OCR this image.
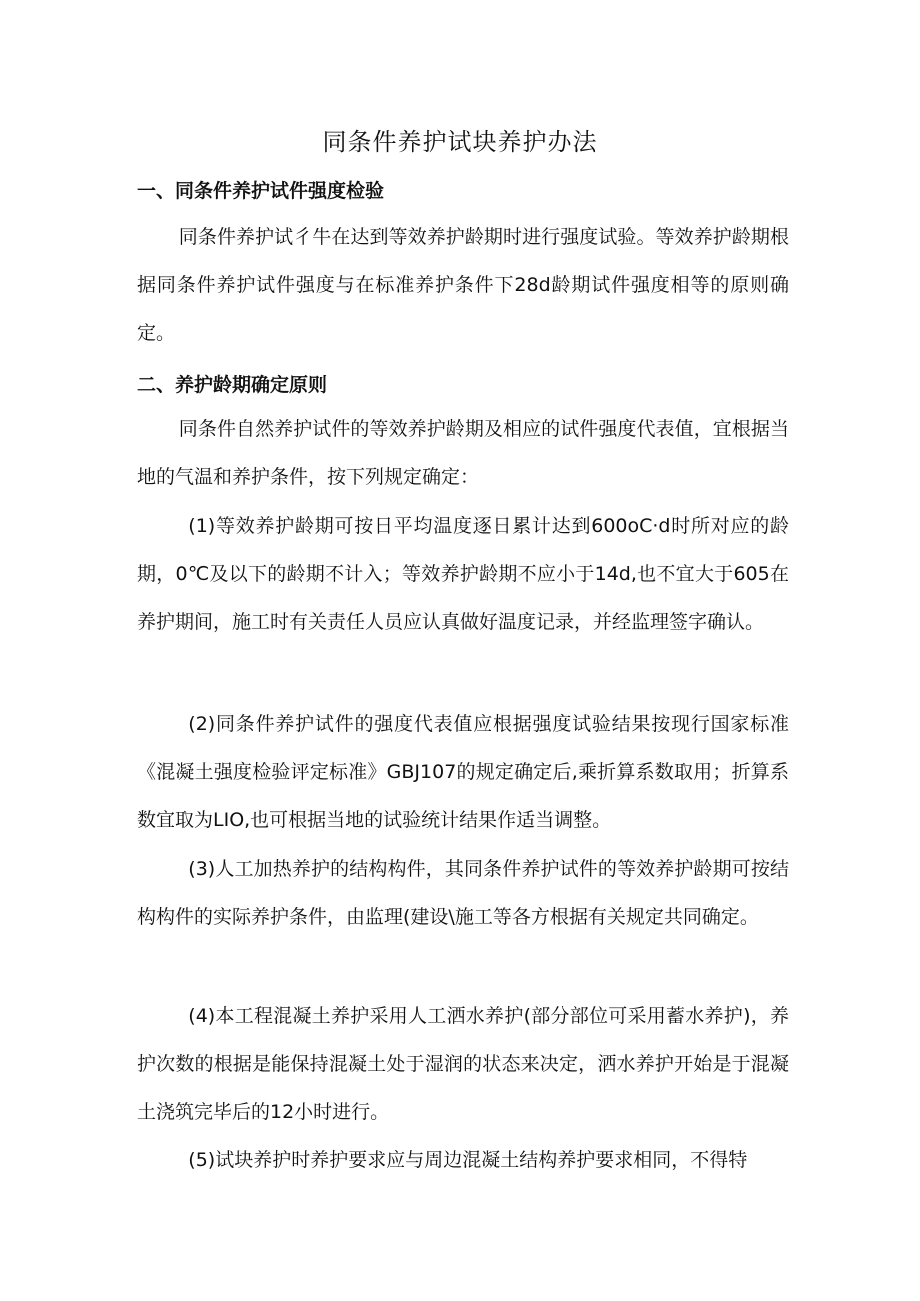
同条件养护试块养护办法
一、同条件养护试件强度检验

同条件养护试彳牛在达到等效养护龄期时进行强度试验。等效养护龄期根据同条件养护试件强度与在标准养护条件下28d龄期试件强度相等的原则确定。

二、养护龄期确定原则

同条件自然养护试件的等效养护龄期及相应的试件强度代表值，宜根据当地的气温和养护条件，按下列规定确定：

(1)等效养护龄期可按日平均温度逐日累计达到600oC·d时所对应的龄期，0℃及以下的龄期不计入；等效养护龄期不应小于14d,也不宜大于605在养护期间，施工时有关责任人员应认真做好温度记录，并经监理签字确认。

(2)同条件养护试件的强度代表值应根据强度试验结果按现行国家标准《混凝土强度检验评定标准》GBJ107的规定确定后,乘折算系数取用；折算系数宜取为LIO,也可根据当地的试验统计结果作适当调整。

(3)人工加热养护的结构构件，其同条件养护试件的等效养护龄期可按结构构件的实际养护条件，由监理(建设\施工等各方根据有关规定共同确定。

(4)本工程混凝土养护采用人工洒水养护(部分部位可采用蓄水养护)，养护次数的根据是能保持混凝土处于湿润的状态来决定，洒水养护开始是于混凝土浇筑完毕后的12小时进行。

(5)试块养护时养护要求应与周边混凝土结构养护要求相同，不得特
